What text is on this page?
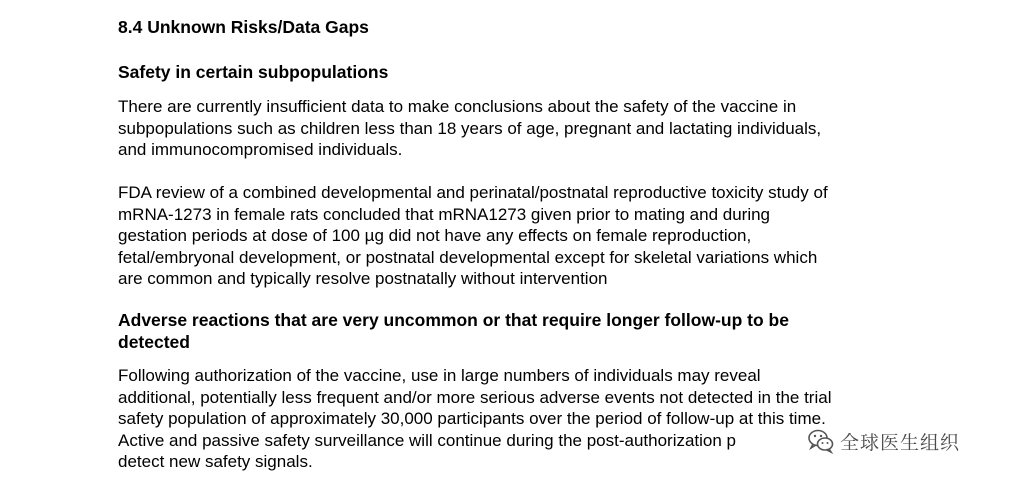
8.4 Unknown Risks/Data Gaps
Safety in certain subpopulations
There are currently insufficient data to make conclusions about the safety of the vaccine in
subpopulations such as children less than 18 years of age, pregnant and lactating individuals,
and immunocompromised individuals.
FDA review of a combined developmental and perinatal/postnatal reproductive toxicity study of
mRNA-1273 in female rats concluded that mRNA1273 given prior to mating and during
gestation periods at dose of 100 µg did not have any effects on female reproduction,
fetal/embryonal development, or postnatal developmental except for skeletal variations which
are common and typically resolve postnatally without intervention
Adverse reactions that are very uncommon or that require longer follow-up to be
detected
Following authorization of the vaccine, use in large numbers of individuals may reveal
additional, potentially less frequent and/or more serious adverse events not detected in the trial
safety population of approximately 30,000 participants over the period of follow-up at this time.
Active and passive safety surveillance will continue during the post-authorization p
detect new safety signals.
全球医生组织
